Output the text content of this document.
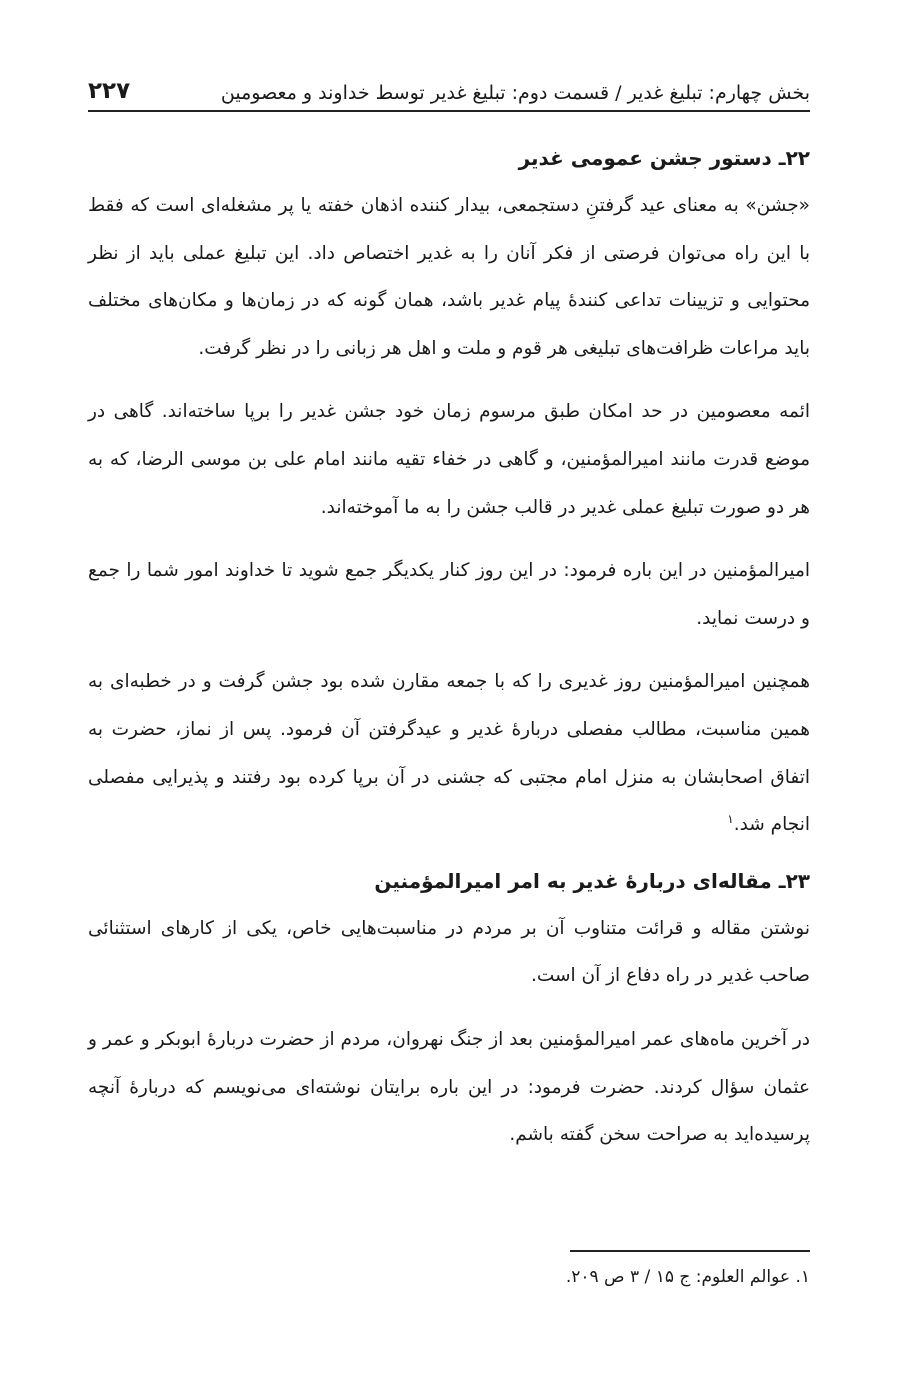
بخش چهارم: تبلیغ غدیر / قسمت دوم: تبلیغ غدیر توسط خداوند و معصومین
۲۲۷
۲۲ـ دستور جشن عمومی غدیر

«جشن» به معنای عید گرفتنِ دستجمعی، بیدار کننده اذهان خفته یا پر مشغله‌ای است که فقط با این راه می‌توان فرصتی از فکر آنان را به غدیر اختصاص داد. این تبلیغ عملی باید از نظر محتوایی و تزیینات تداعی کنندهٔ پیام غدیر باشد، همان گونه که در زمان‌ها و مکان‌های مختلف باید مراعات ظرافت‌های تبلیغی هر قوم و ملت و اهل هر زبانی را در نظر گرفت.

ائمه معصومین در حد امکان طبق مرسوم زمان خود جشن غدیر را برپا ساخته‌اند. گاهی در موضع قدرت مانند امیرالمؤمنین، و گاهی در خفاء تقیه مانند امام علی بن موسی الرضا، که به هر دو صورت تبلیغ عملی غدیر در قالب جشن را به ما آموخته‌اند.

امیرالمؤمنین در این باره فرمود: در این روز کنار یکدیگر جمع شوید تا خداوند امور شما را جمع و درست نماید.

همچنین امیرالمؤمنین روز غدیری را که با جمعه مقارن شده بود جشن گرفت و در خطبه‌ای به همین مناسبت، مطالب مفصلی دربارهٔ غدیر و عیدگرفتن آن فرمود. پس از نماز، حضرت به اتفاق اصحابشان به منزل امام مجتبی که جشنی در آن برپا کرده بود رفتند و پذیرایی مفصلی انجام شد.$^۱$

۲۳ـ مقاله‌ای دربارهٔ غدیر به امر امیرالمؤمنین

نوشتن مقاله و قرائت متناوب آن بر مردم در مناسبت‌هایی خاص، یکی از کارهای استثنائی صاحب غدیر در راه دفاع از آن است.

در آخرین ماه‌های عمر امیرالمؤمنین بعد از جنگ نهروان، مردم از حضرت دربارهٔ ابوبکر و عمر و عثمان سؤال کردند. حضرت فرمود: در این باره برایتان نوشته‌ای می‌نویسم که دربارهٔ آنچه پرسیده‌اید به صراحت سخن گفته باشم.

۱. عوالم العلوم: ج ۱۵ / ۳ ص ۲۰۹.
